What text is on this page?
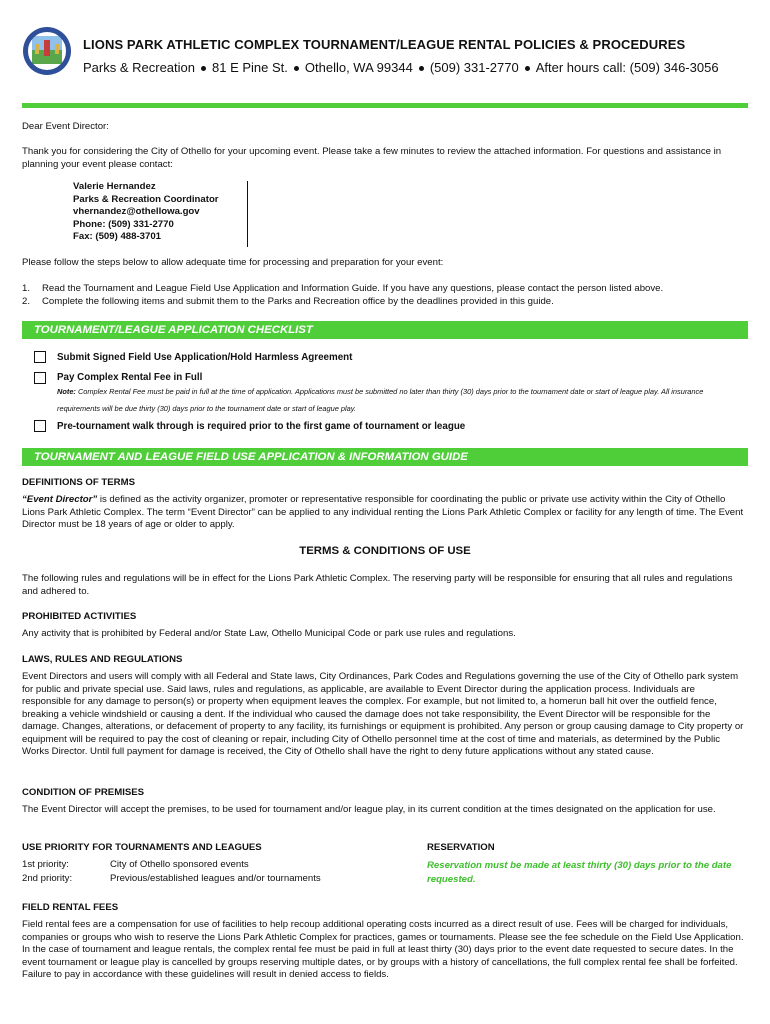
LIONS PARK ATHLETIC COMPLEX TOURNAMENT/LEAGUE RENTAL POLICIES & PROCEDURES
Parks & Recreation 81 E Pine St. Othello, WA 99344 (509) 331-2770 After hours call: (509) 346-3056
Dear Event Director:
Thank you for considering the City of Othello for your upcoming event. Please take a few minutes to review the attached information. For questions and assistance in planning your event please contact:
Valerie Hernandez
Parks & Recreation Coordinator
vhernandez@othellowa.gov
Phone: (509) 331-2770
Fax: (509) 488-3701
Please follow the steps below to allow adequate time for processing and preparation for your event:
1.	Read the Tournament and League Field Use Application and Information Guide. If you have any questions, please contact the person listed above.
2.	Complete the following items and submit them to the Parks and Recreation office by the deadlines provided in this guide.
TOURNAMENT/LEAGUE APPLICATION CHECKLIST
Submit Signed Field Use Application/Hold Harmless Agreement
Pay Complex Rental Fee in Full
Note: Complex Rental Fee must be paid in full at the time of application. Applications must be submitted no later than thirty (30) days prior to the tournament date or start of league play. All insurance requirements will be due thirty (30) days prior to the tournament date or start of league play.
Pre-tournament walk through is required prior to the first game of tournament or league
TOURNAMENT AND LEAGUE FIELD USE APPLICATION & INFORMATION GUIDE
DEFINITIONS OF TERMS
“Event Director” is defined as the activity organizer, promoter or representative responsible for coordinating the public or private use activity within the City of Othello Lions Park Athletic Complex. The term “Event Director” can be applied to any individual renting the Lions Park Athletic Complex or facility for any length of time. The Event Director must be 18 years of age or older to apply.
TERMS & CONDITIONS OF USE
The following rules and regulations will be in effect for the Lions Park Athletic Complex. The reserving party will be responsible for ensuring that all rules and regulations and adhered to.
PROHIBITED ACTIVITIES
Any activity that is prohibited by Federal and/or State Law, Othello Municipal Code or park use rules and regulations.
LAWS, RULES AND REGULATIONS
Event Directors and users will comply with all Federal and State laws, City Ordinances, Park Codes and Regulations governing the use of the City of Othello park system for public and private special use. Said laws, rules and regulations, as applicable, are available to Event Director during the application process. Individuals are responsible for any damage to person(s) or property when equipment leaves the complex. For example, but not limited to, a homerun ball hit over the outfield fence, breaking a vehicle windshield or causing a dent. If the individual who caused the damage does not take responsibility, the Event Director will be responsible for the damage. Changes, alterations, or defacement of property to any facility, its furnishings or equipment is prohibited. Any person or group causing damage to City property or equipment will be required to pay the cost of cleaning or repair, including City of Othello personnel time at the cost of time and materials, as determined by the Public Works Director. Until full payment for damage is received, the City of Othello shall have the right to deny future applications without any stated cause.
CONDITION OF PREMISES
The Event Director will accept the premises, to be used for tournament and/or league play, in its current condition at the times designated on the application for use.
USE PRIORITY FOR TOURNAMENTS AND LEAGUES
1st priority:	City of Othello sponsored events
2nd priority:	Previous/established leagues and/or tournaments
RESERVATION
Reservation must be made at least thirty (30) days prior to the date requested.
FIELD RENTAL FEES
Field rental fees are a compensation for use of facilities to help recoup additional operating costs incurred as a direct result of use. Fees will be charged for individuals, companies or groups who wish to reserve the Lions Park Athletic Complex for practices, games or tournaments. Please see the fee schedule on the Field Use Application. In the case of tournament and league rentals, the complex rental fee must be paid in full at least thirty (30) days prior to the event date requested to secure dates. In the event tournament or league play is cancelled by groups reserving multiple dates, or by groups with a history of cancellations, the full complex rental fee shall be forfeited. Failure to pay in accordance with these guidelines will result in denied access to fields.
